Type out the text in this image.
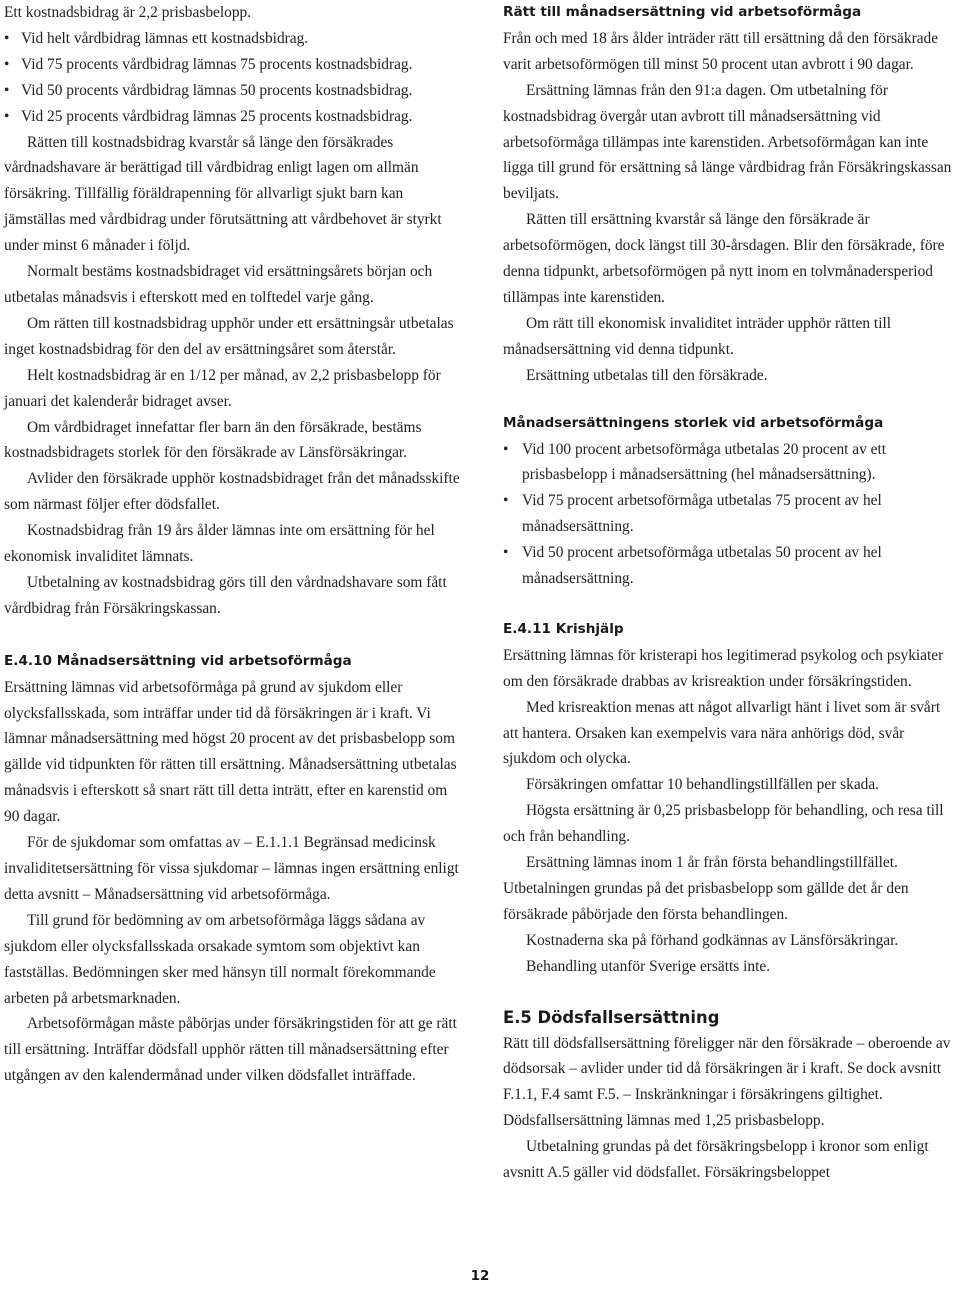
Ett kostnadsbidrag är 2,2 prisbasbelopp.

• Vid helt vårdbidrag lämnas ett kostnadsbidrag.

• Vid 75 procents vårdbidrag lämnas 75 procents kostnadsbidrag.

• Vid 50 procents vårdbidrag lämnas 50 procents kostnadsbidrag.

• Vid 25 procents vårdbidrag lämnas 25 procents kostnadsbidrag.

Rätten till kostnadsbidrag kvarstår så länge den försäkrades vårdnadshavare är berättigad till vårdbidrag enligt lagen om allmän försäkring. Tillfällig föräldrapenning för allvarligt sjukt barn kan jämställas med vårdbidrag under förutsättning att vårdbehovet är styrkt under minst 6 månader i följd.

Normalt bestäms kostnadsbidraget vid ersättningsårets början och utbetalas månadsvis i efterskott med en tolftedel varje gång.

Om rätten till kostnadsbidrag upphör under ett ersättningsår utbetalas inget kostnadsbidrag för den del av ersättningsåret som återstår.

Helt kostnadsbidrag är en 1/12 per månad, av 2,2 prisbasbelopp för januari det kalenderår bidraget avser.

Om vårdbidraget innefattar fler barn än den försäkrade, bestäms kostnadsbidragets storlek för den försäkrade av Länsförsäkringar.

Avlider den försäkrade upphör kostnadsbidraget från det månadsskifte som närmast följer efter dödsfallet.

Kostnadsbidrag från 19 års ålder lämnas inte om ersättning för hel ekonomisk invaliditet lämnats.

Utbetalning av kostnadsbidrag görs till den vårdnadshavare som fått vårdbidrag från Försäkringskassan.

E.4.10 Månadsersättning vid arbetsoförmåga

Ersättning lämnas vid arbetsoförmåga på grund av sjukdom eller olycksfallsskada, som inträffar under tid då försäkringen är i kraft. Vi lämnar månadsersättning med högst 20 procent av det prisbasbelopp som gällde vid tidpunkten för rätten till ersättning. Månadsersättning utbetalas månadsvis i efterskott så snart rätt till detta inträtt, efter en karenstid om 90 dagar.

För de sjukdomar som omfattas av – E.1.1.1 Begränsad medicinsk invaliditetsersättning för vissa sjukdomar – lämnas ingen ersättning enligt detta avsnitt – Månadsersättning vid arbetsoförmåga.

Till grund för bedömning av om arbetsoförmåga läggs sådana av sjukdom eller olycksfallsskada orsakade symtom som objektivt kan fastställas. Bedömningen sker med hänsyn till normalt förekommande arbeten på arbetsmarknaden.

Arbetsoförmågan måste påbörjas under försäkringstiden för att ge rätt till ersättning. Inträffar dödsfall upphör rätten till månadsersättning efter utgången av den kalendermånad under vilken dödsfallet inträffade.

Rätt till månadsersättning vid arbetsoförmåga

Från och med 18 års ålder inträder rätt till ersättning då den försäkrade varit arbetsoförmögen till minst 50 procent utan avbrott i 90 dagar.

Ersättning lämnas från den 91:a dagen. Om utbetalning för kostnadsbidrag övergår utan avbrott till månadsersättning vid arbetsoförmåga tillämpas inte karenstiden. Arbetsoförmågan kan inte ligga till grund för ersättning så länge vårdbidrag från Försäkringskassan beviljats.

Rätten till ersättning kvarstår så länge den försäkrade är arbetsoförmögen, dock längst till 30-årsdagen. Blir den försäkrade, före denna tidpunkt, arbetsoförmögen på nytt inom en tolvmånadersperiod tillämpas inte karenstiden.

Om rätt till ekonomisk invaliditet inträder upphör rätten till månadsersättning vid denna tidpunkt.

Ersättning utbetalas till den försäkrade.

Månadsersättningens storlek vid arbetsoförmåga

• Vid 100 procent arbetsoförmåga utbetalas 20 procent av ett prisbasbelopp i månadsersättning (hel månadsersättning).

• Vid 75 procent arbetsoförmåga utbetalas 75 procent av hel månadsersättning.

• Vid 50 procent arbetsoförmåga utbetalas 50 procent av hel månadsersättning.

E.4.11 Krishjälp

Ersättning lämnas för kristerapi hos legitimerad psykolog och psykiater om den försäkrade drabbas av krisreaktion under försäkringstiden.

Med krisreaktion menas att något allvarligt hänt i livet som är svårt att hantera. Orsaken kan exempelvis vara nära anhörigs död, svår sjukdom och olycka.

Försäkringen omfattar 10 behandlingstillfällen per skada.

Högsta ersättning är 0,25 prisbasbelopp för behandling, och resa till och från behandling.

Ersättning lämnas inom 1 år från första behandlingstillfället. Utbetalningen grundas på det prisbasbelopp som gällde det år den försäkrade påbörjade den första behandlingen.

Kostnaderna ska på förhand godkännas av Länsförsäkringar.

Behandling utanför Sverige ersätts inte.

E.5 Dödsfallsersättning

Rätt till dödsfallsersättning föreligger när den försäkrade – oberoende av dödsorsak – avlider under tid då försäkringen är i kraft. Se dock avsnitt F.1.1, F.4 samt F.5. – Inskränkningar i försäkringens giltighet. Dödsfallsersättning lämnas med 1,25 prisbasbelopp.

Utbetalning grundas på det försäkringsbelopp i kronor som enligt avsnitt A.5 gäller vid dödsfallet. Försäkringsbeloppet

12
